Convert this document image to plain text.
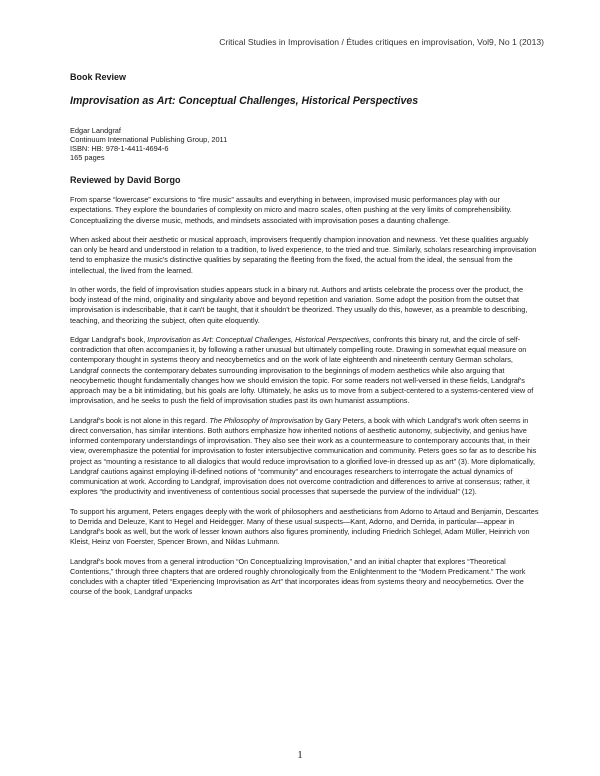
Critical Studies in Improvisation / Études critiques en improvisation, Vol9, No 1 (2013)
Book Review
Improvisation as Art: Conceptual Challenges, Historical Perspectives
Edgar Landgraf
Continuum International Publishing Group, 2011
ISBN: HB: 978-1-4411-4694-6
165 pages
Reviewed by David Borgo

From sparse “lowercase” excursions to “fire music” assaults and everything in between, improvised music performances play with our expectations. They explore the boundaries of complexity on micro and macro scales, often pushing at the very limits of comprehensibility. Conceptualizing the diverse music, methods, and mindsets associated with improvisation poses a daunting challenge.

When asked about their aesthetic or musical approach, improvisers frequently champion innovation and newness. Yet these qualities arguably can only be heard and understood in relation to a tradition, to lived experience, to the tried and true. Similarly, scholars researching improvisation tend to emphasize the music's distinctive qualities by separating the fleeting from the fixed, the actual from the ideal, the sensual from the intellectual, the lived from the learned.

In other words, the field of improvisation studies appears stuck in a binary rut. Authors and artists celebrate the process over the product, the body instead of the mind, originality and singularity above and beyond repetition and variation. Some adopt the position from the outset that improvisation is indescribable, that it can't be taught, that it shouldn't be theorized. They usually do this, however, as a preamble to describing, teaching, and theorizing the subject, often quite eloquently.

Edgar Landgraf's book, Improvisation as Art: Conceptual Challenges, Historical Perspectives, confronts this binary rut, and the circle of self-contradiction that often accompanies it, by following a rather unusual but ultimately compelling route. Drawing in somewhat equal measure on contemporary thought in systems theory and neocybernetics and on the work of late eighteenth and nineteenth century German scholars, Landgraf connects the contemporary debates surrounding improvisation to the beginnings of modern aesthetics while also arguing that neocybernetic thought fundamentally changes how we should envision the topic. For some readers not well-versed in these fields, Landgraf's approach may be a bit intimidating, but his goals are lofty. Ultimately, he asks us to move from a subject-centered to a systems-centered view of improvisation, and he seeks to push the field of improvisation studies past its own humanist assumptions.

Landgraf's book is not alone in this regard. The Philosophy of Improvisation by Gary Peters, a book with which Landgraf's work often seems in direct conversation, has similar intentions. Both authors emphasize how inherited notions of aesthetic autonomy, subjectivity, and genius have informed contemporary understandings of improvisation. They also see their work as a countermeasure to contemporary accounts that, in their view, overemphasize the potential for improvisation to foster intersubjective communication and community. Peters goes so far as to describe his project as “mounting a resistance to all dialogics that would reduce improvisation to a glorified love-in dressed up as art” (3). More diplomatically, Landgraf cautions against employing ill-defined notions of “community” and encourages researchers to interrogate the actual dynamics of communication at work. According to Landgraf, improvisation does not overcome contradiction and differences to arrive at consensus; rather, it explores “the productivity and inventiveness of contentious social processes that supersede the purview of the individual” (12).

To support his argument, Peters engages deeply with the work of philosophers and aestheticians from Adorno to Artaud and Benjamin, Descartes to Derrida and Deleuze, Kant to Hegel and Heidegger. Many of these usual suspects—Kant, Adorno, and Derrida, in particular—appear in Landgraf's book as well, but the work of lesser known authors also figures prominently, including Friedrich Schlegel, Adam Müller, Heinrich von Kleist, Heinz von Foerster, Spencer Brown, and Niklas Luhmann.

Landgraf's book moves from a general introduction “On Conceptualizing Improvisation,” and an initial chapter that explores “Theoretical Contentions,” through three chapters that are ordered roughly chronologically from the Enlightenment to the “Modern Predicament.” The work concludes with a chapter titled “Experiencing Improvisation as Art” that incorporates ideas from systems theory and neocybernetics. Over the course of the book, Landgraf unpacks

1
